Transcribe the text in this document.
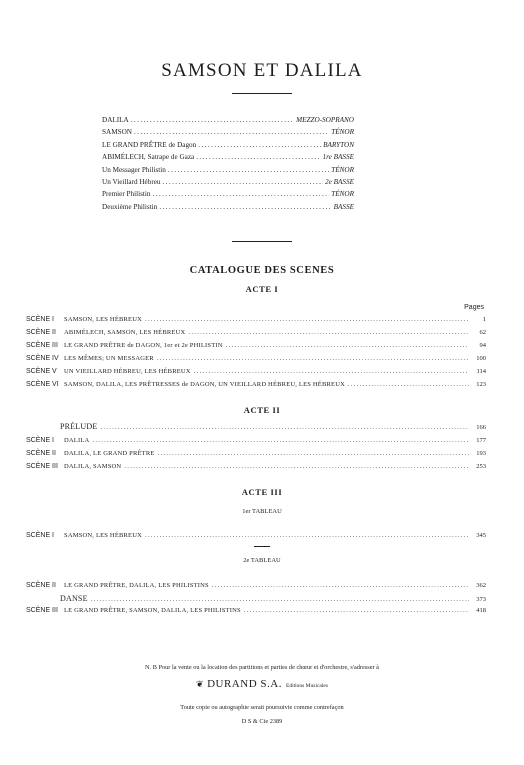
SAMSON ET DALILA
DALILA .....	MEZZO-SOPRANO
SAMSON .....	TÉNOR
LE GRAND PRÊTRE de Dagon .....	BARYTON
ABIMÉLECH, Satrape de Gaza .....	1re BASSE
Un Messager Philistin .....	TÉNOR
Un Vieillard Hébreu .....	2e BASSE
Premier Philistin .....	TÉNOR
Deuxième Philistin .....	BASSE
CATALOGUE DES SCENES
ACTE I
Pages
SCÈNE I	SAMSON, LES HÉBREUX .....	1
SCÈNE II	ABIMÉLECH, SAMSON, LES HÉBREUX .....	62
SCÈNE III LE GRAND PRÊTRE de DAGON, 1er et 2e PHILISTIN .....	94
SCÈNE IV LES MÊMES; UN MESSAGER .....	100
SCÈNE V	UN VIEILLARD HÉBREU, LES HÉBREUX .....	114
SCÈNE VI SAMSON, DALILA, LES PRÊTRESSES de DAGON, UN VIEILLARD HÉBREU, LES HÉBREUX .....	123
ACTE II
PRÉLUDE .....	166
SCÈNE I	DALILA .....	177
SCÈNE II	DALILA, LE GRAND PRÊTRE .....	193
SCÈNE III DALILA, SAMSON .....	253
ACTE III
1er TABLEAU
SCÈNE I	SAMSON, LES HÉBREUX .....	345
2e TABLEAU
SCÈNE II	LE GRAND PRÊTRE, DALILA, LES PHILISTINS .....	362
DANSE .....	373
SCÈNE III LE GRAND PRÊTRE, SAMSON, DALILA, LES PHILISTINS .....	418
N. B Pour la vente ou la location des partitions et parties de chœur et d'orchestre, s'adresser à
❦ DURAND S.A. Editions Musicales
Toute copie ou autographie serait poursuivie comme contrefaçon
D S & Cie 2389
